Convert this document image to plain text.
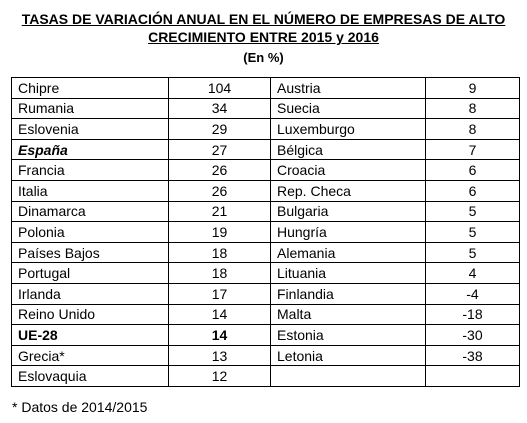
TASAS DE VARIACIÓN ANUAL EN EL NÚMERO DE EMPRESAS DE ALTO
CRECIMIENTO ENTRE 2015 y 2016
(En %)
Chipre	104	Austria	9
Rumania	34	Suecia	8
Eslovenia	29	Luxemburgo	8
España	27	Bélgica	7
Francia	26	Croacia	6
Italia	26	Rep. Checa	6
Dinamarca	21	Bulgaria	5
Polonia	19	Hungría	5
Países Bajos	18	Alemania	5
Portugal	18	Lituania	4
Irlanda	17	Finlandia	-4
Reino Unido	14	Malta	-18
UE-28	14	Estonia	-30
Grecia*	13	Letonia	-38
Eslovaquia	12		
* Datos de 2014/2015
